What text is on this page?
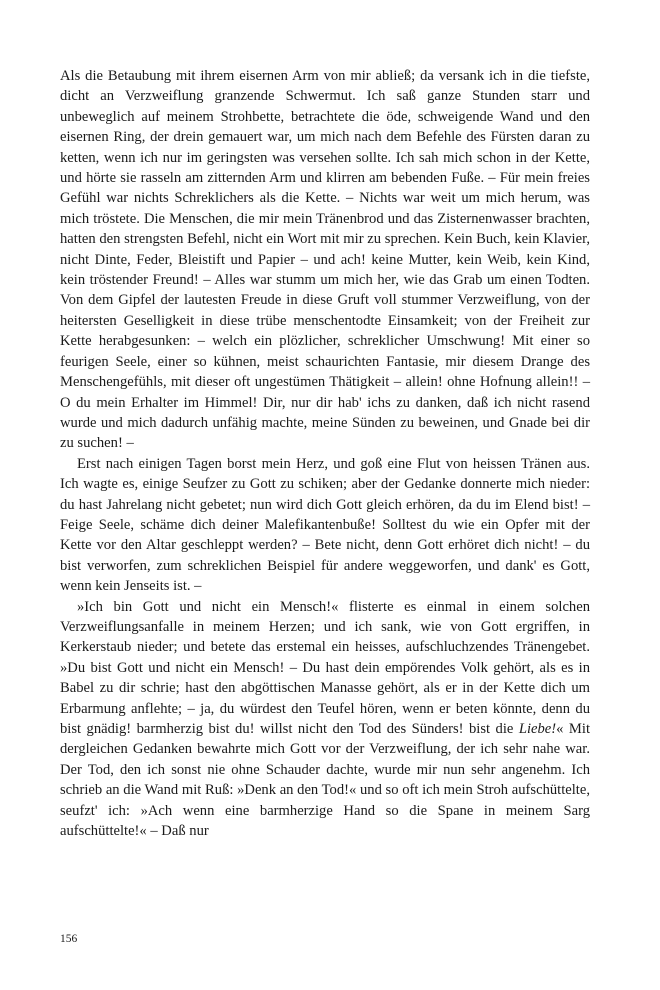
Als die Betaubung mit ihrem eisernen Arm von mir abließ; da versank ich in die tiefste, dicht an Verzweiflung granzende Schwermut. Ich saß ganze Stunden starr und unbeweglich auf meinem Strohbette, betrachtete die öde, schweigende Wand und den eisernen Ring, der drein gemauert war, um mich nach dem Befehle des Fürsten daran zu ketten, wenn ich nur im geringsten was versehen sollte. Ich sah mich schon in der Kette, und hörte sie rasseln am zitternden Arm und klirren am bebenden Fuße. – Für mein freies Gefühl war nichts Schreklichers als die Kette. – Nichts war weit um mich herum, was mich tröstete. Die Menschen, die mir mein Tränenbrod und das Zisternenwasser brachten, hatten den strengsten Befehl, nicht ein Wort mit mir zu sprechen. Kein Buch, kein Klavier, nicht Dinte, Feder, Bleistift und Papier – und ach! keine Mutter, kein Weib, kein Kind, kein tröstender Freund! – Alles war stumm um mich her, wie das Grab um einen Todten. Von dem Gipfel der lautesten Freude in diese Gruft voll stummer Verzweiflung, von der heitersten Geselligkeit in diese trübe menschentodte Einsamkeit; von der Freiheit zur Kette herabgesunken: – welch ein plözlicher, schreklicher Umschwung! Mit einer so feurigen Seele, einer so kühnen, meist schaurichten Fantasie, mir diesem Drange des Menschengefühls, mit dieser oft ungestümen Thätigkeit – allein! ohne Hofnung allein!! – O du mein Erhalter im Himmel! Dir, nur dir hab' ichs zu danken, daß ich nicht rasend wurde und mich dadurch unfähig machte, meine Sünden zu beweinen, und Gnade bei dir zu suchen! –

Erst nach einigen Tagen borst mein Herz, und goß eine Flut von heissen Tränen aus. Ich wagte es, einige Seufzer zu Gott zu schiken; aber der Gedanke donnerte mich nieder: du hast Jahrelang nicht gebetet; nun wird dich Gott gleich erhören, da du im Elend bist! – Feige Seele, schäme dich deiner Malefikantenbuße! Solltest du wie ein Opfer mit der Kette vor den Altar geschleppt werden? – Bete nicht, denn Gott erhöret dich nicht! – du bist verworfen, zum schreklichen Beispiel für andere weggeworfen, und dank' es Gott, wenn kein Jenseits ist. –

»Ich bin Gott und nicht ein Mensch!« flisterte es einmal in einem solchen Verzweiflungsanfalle in meinem Herzen; und ich sank, wie von Gott ergriffen, in Kerkerstaub nieder; und betete das erstemal ein heisses, aufschluchzendes Tränengebet. »Du bist Gott und nicht ein Mensch! – Du hast dein empörendes Volk gehört, als es in Babel zu dir schrie; hast den abgöttischen Manasse gehört, als er in der Kette dich um Erbarmung anflehte; – ja, du würdest den Teufel hören, wenn er beten könnte, denn du bist gnädig! barmherzig bist du! willst nicht den Tod des Sünders! bist die Liebe!« Mit dergleichen Gedanken bewahrte mich Gott vor der Verzweiflung, der ich sehr nahe war. Der Tod, den ich sonst nie ohne Schauder dachte, wurde mir nun sehr angenehm. Ich schrieb an die Wand mit Ruß: »Denk an den Tod!« und so oft ich mein Stroh aufschüttelte, seufzt' ich: »Ach wenn eine barmherzige Hand so die Spane in meinem Sarg aufschüttelte!« – Daß nur

156
